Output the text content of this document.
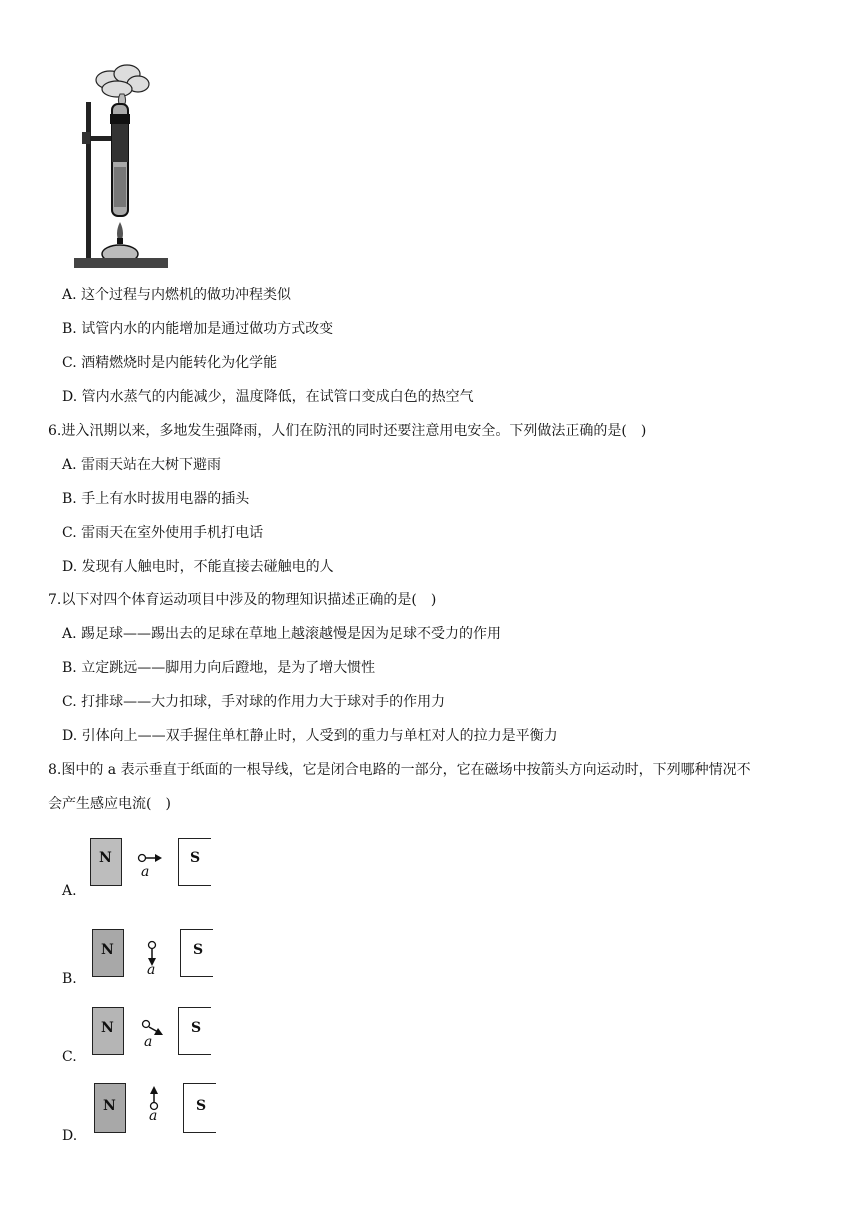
A. 这个过程与内燃机的做功冲程类似
B. 试管内水的内能增加是通过做功方式改变
C. 酒精燃烧时是内能转化为化学能
D. 管内水蒸气的内能减少，温度降低，在试管口变成白色的热空气
6.进入汛期以来，多地发生强降雨，人们在防汛的同时还要注意用电安全。下列做法正确的是(　)
A. 雷雨天站在大树下避雨
B. 手上有水时拔用电器的插头
C. 雷雨天在室外使用手机打电话
D. 发现有人触电时，不能直接去碰触电的人
7.以下对四个体育运动项目中涉及的物理知识描述正确的是(　)
A. 踢足球——踢出去的足球在草地上越滚越慢是因为足球不受力的作用
B. 立定跳远——脚用力向后蹬地，是为了增大惯性
C. 打排球——大力扣球，手对球的作用力大于球对手的作用力
D. 引体向上——双手握住单杠静止时，人受到的重力与单杠对人的拉力是平衡力
8.图中的 a 表示垂直于纸面的一根导线，它是闭合电路的一部分，它在磁场中按箭头方向运动时，下列哪种情况不
会产生感应电流(　)
N
a
S
A.
N
a
S
B.
N
a
S
C.
N
a
S
D.
